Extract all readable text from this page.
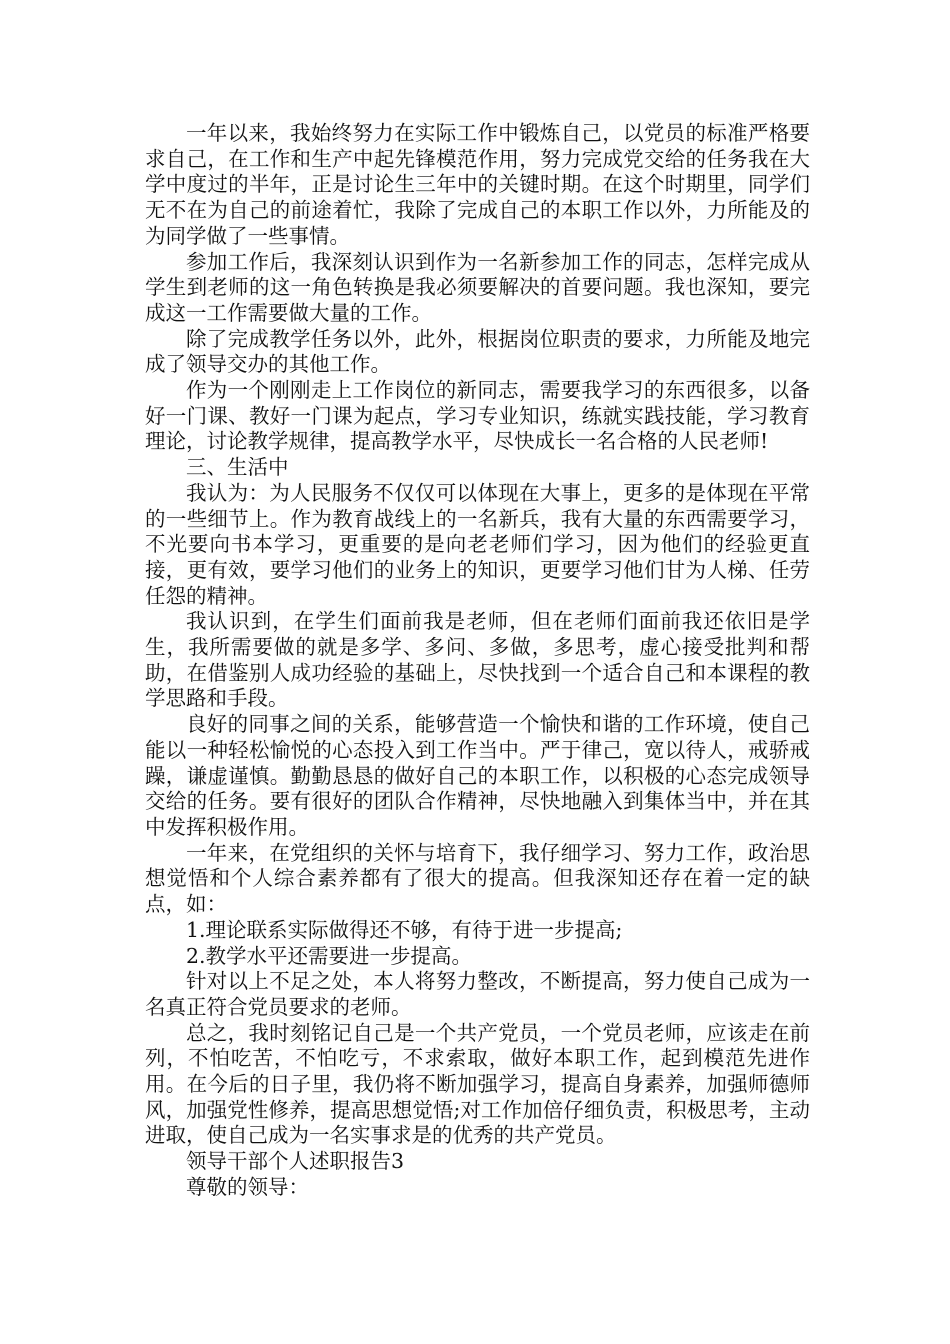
一年以来，我始终努力在实际工作中锻炼自己，以党员的标准严格要求自己，在工作和生产中起先锋模范作用，努力完成党交给的任务我在大学中度过的半年，正是讨论生三年中的关键时期。在这个时期里，同学们无不在为自己的前途着忙，我除了完成自己的本职工作以外，力所能及的为同学做了一些事情。

参加工作后，我深刻认识到作为一名新参加工作的同志，怎样完成从学生到老师的这一角色转换是我必须要解决的首要问题。我也深知，要完成这一工作需要做大量的工作。

除了完成教学任务以外，此外，根据岗位职责的要求，力所能及地完成了领导交办的其他工作。

作为一个刚刚走上工作岗位的新同志，需要我学习的东西很多，以备好一门课、教好一门课为起点，学习专业知识，练就实践技能，学习教育理论，讨论教学规律，提高教学水平，尽快成长一名合格的人民老师!

三、生活中

我认为：为人民服务不仅仅可以体现在大事上，更多的是体现在平常的一些细节上。作为教育战线上的一名新兵，我有大量的东西需要学习，不光要向书本学习，更重要的是向老老师们学习，因为他们的经验更直接，更有效，要学习他们的业务上的知识，更要学习他们甘为人梯、任劳任怨的精神。

我认识到，在学生们面前我是老师，但在老师们面前我还依旧是学生，我所需要做的就是多学、多问、多做，多思考，虚心接受批判和帮助，在借鉴别人成功经验的基础上，尽快找到一个适合自己和本课程的教学思路和手段。

良好的同事之间的关系，能够营造一个愉快和谐的工作环境，使自己能以一种轻松愉悦的心态投入到工作当中。严于律己，宽以待人，戒骄戒躁，谦虚谨慎。勤勤恳恳的做好自己的本职工作，以积极的心态完成领导交给的任务。要有很好的团队合作精神，尽快地融入到集体当中，并在其中发挥积极作用。

一年来，在党组织的关怀与培育下，我仔细学习、努力工作，政治思想觉悟和个人综合素养都有了很大的提高。但我深知还存在着一定的缺点，如：

1.理论联系实际做得还不够，有待于进一步提高;

2.教学水平还需要进一步提高。

针对以上不足之处，本人将努力整改，不断提高，努力使自己成为一名真正符合党员要求的老师。

总之，我时刻铭记自己是一个共产党员，一个党员老师，应该走在前列，不怕吃苦，不怕吃亏，不求索取，做好本职工作，起到模范先进作用。在今后的日子里，我仍将不断加强学习，提高自身素养，加强师德师风，加强党性修养，提高思想觉悟;对工作加倍仔细负责，积极思考，主动进取，使自己成为一名实事求是的优秀的共产党员。

领导干部个人述职报告3

尊敬的领导：
